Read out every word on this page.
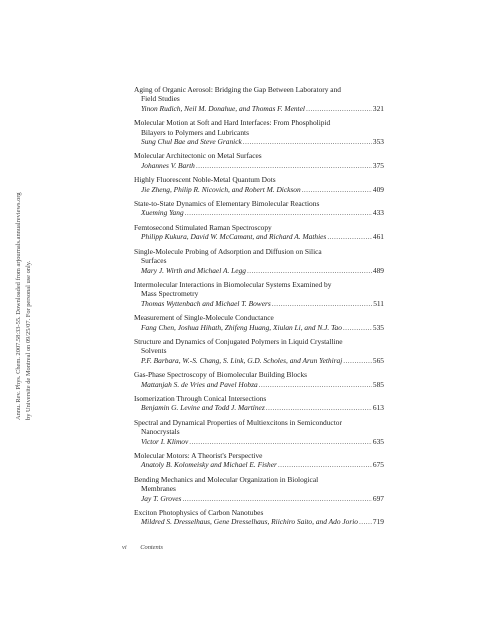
Annu. Rev. Phys. Chem. 2007.58:33-55. Downloaded from arjournals.annualreviews.org by Universite de Montreal on 09/25/07. For personal use only.
Aging of Organic Aerosol: Bridging the Gap Between Laboratory and
Field Studies
Yinon Rudich, Neil M. Donahue, and Thomas F. Mentel .....	321
Molecular Motion at Soft and Hard Interfaces: From Phospholipid
Bilayers to Polymers and Lubricants
Sung Chul Bae and Steve Granick .....	353
Molecular Architectonic on Metal Surfaces
Johannes V. Barth .....	375
Highly Fluorescent Noble-Metal Quantum Dots
Jie Zheng, Philip R. Nicovich, and Robert M. Dickson .....	409
State-to-State Dynamics of Elementary Bimolecular Reactions
Xueming Yang .....	433
Femtosecond Stimulated Raman Spectroscopy
Philipp Kukura, David W. McCamant, and Richard A. Mathies .....	461
Single-Molecule Probing of Adsorption and Diffusion on Silica
Surfaces
Mary J. Wirth and Michael A. Legg .....	489
Intermolecular Interactions in Biomolecular Systems Examined by
Mass Spectrometry
Thomas Wyttenbach and Michael T. Bowers .....	511
Measurement of Single-Molecule Conductance
Fang Chen, Joshua Hihath, Zhifeng Huang, Xiulan Li, and N.J. Tao .....	535
Structure and Dynamics of Conjugated Polymers in Liquid Crystalline
Solvents
P.F. Barbara, W.-S. Chang, S. Link, G.D. Scholes, and Arun Yethiraj .....	565
Gas-Phase Spectroscopy of Biomolecular Building Blocks
Mattanjah S. de Vries and Pavel Hobza .....	585
Isomerization Through Conical Intersections
Benjamin G. Levine and Todd J. Martínez .....	613
Spectral and Dynamical Properties of Multiexcitons in Semiconductor
Nanocrystals
Victor I. Klimov .....	635
Molecular Motors: A Theorist's Perspective
Anatoly B. Kolomeisky and Michael E. Fisher .....	675
Bending Mechanics and Molecular Organization in Biological
Membranes
Jay T. Groves .....	697
Exciton Photophysics of Carbon Nanotubes
Mildred S. Dresselhaus, Gene Dresselhaus, Riichiro Saito, and Ado Jorio ..... 719
vi Contents
